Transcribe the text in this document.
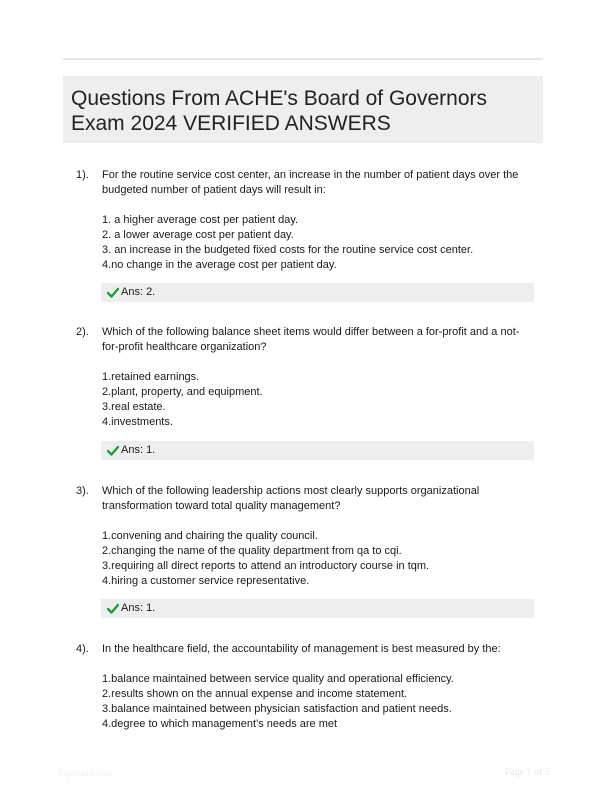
Questions From ACHE's Board of Governors
Exam 2024 VERIFIED ANSWERS
1). For the routine service cost center, an increase in the number of patient days over the budgeted number of patient days will result in:

1. a higher average cost per patient day.
2. a lower average cost per patient day.
3. an increase in the budgeted fixed costs for the routine service cost center.
4.no change in the average cost per patient day.
Ans: 2.
2). Which of the following balance sheet items would differ between a for-profit and a not-for-profit healthcare organization?

1.retained earnings.
2.plant, property, and equipment.
3.real estate.
4.investments.
Ans: 1.
3). Which of the following leadership actions most clearly supports organizational transformation toward total quality management?

1.convening and chairing the quality council.
2.changing the name of the quality department from qa to cqi.
3.requiring all direct reports to attend an introductory course in tqm.
4.hiring a customer service representative.
Ans: 1.
4). In the healthcare field, the accountability of management is best measured by the:

1.balance maintained between service quality and operational efficiency.
2.results shown on the annual expense and income statement.
3.balance maintained between physician satisfaction and patient needs.
4.degree to which management's needs are met
Papershbc.com	Page 1 of 5
